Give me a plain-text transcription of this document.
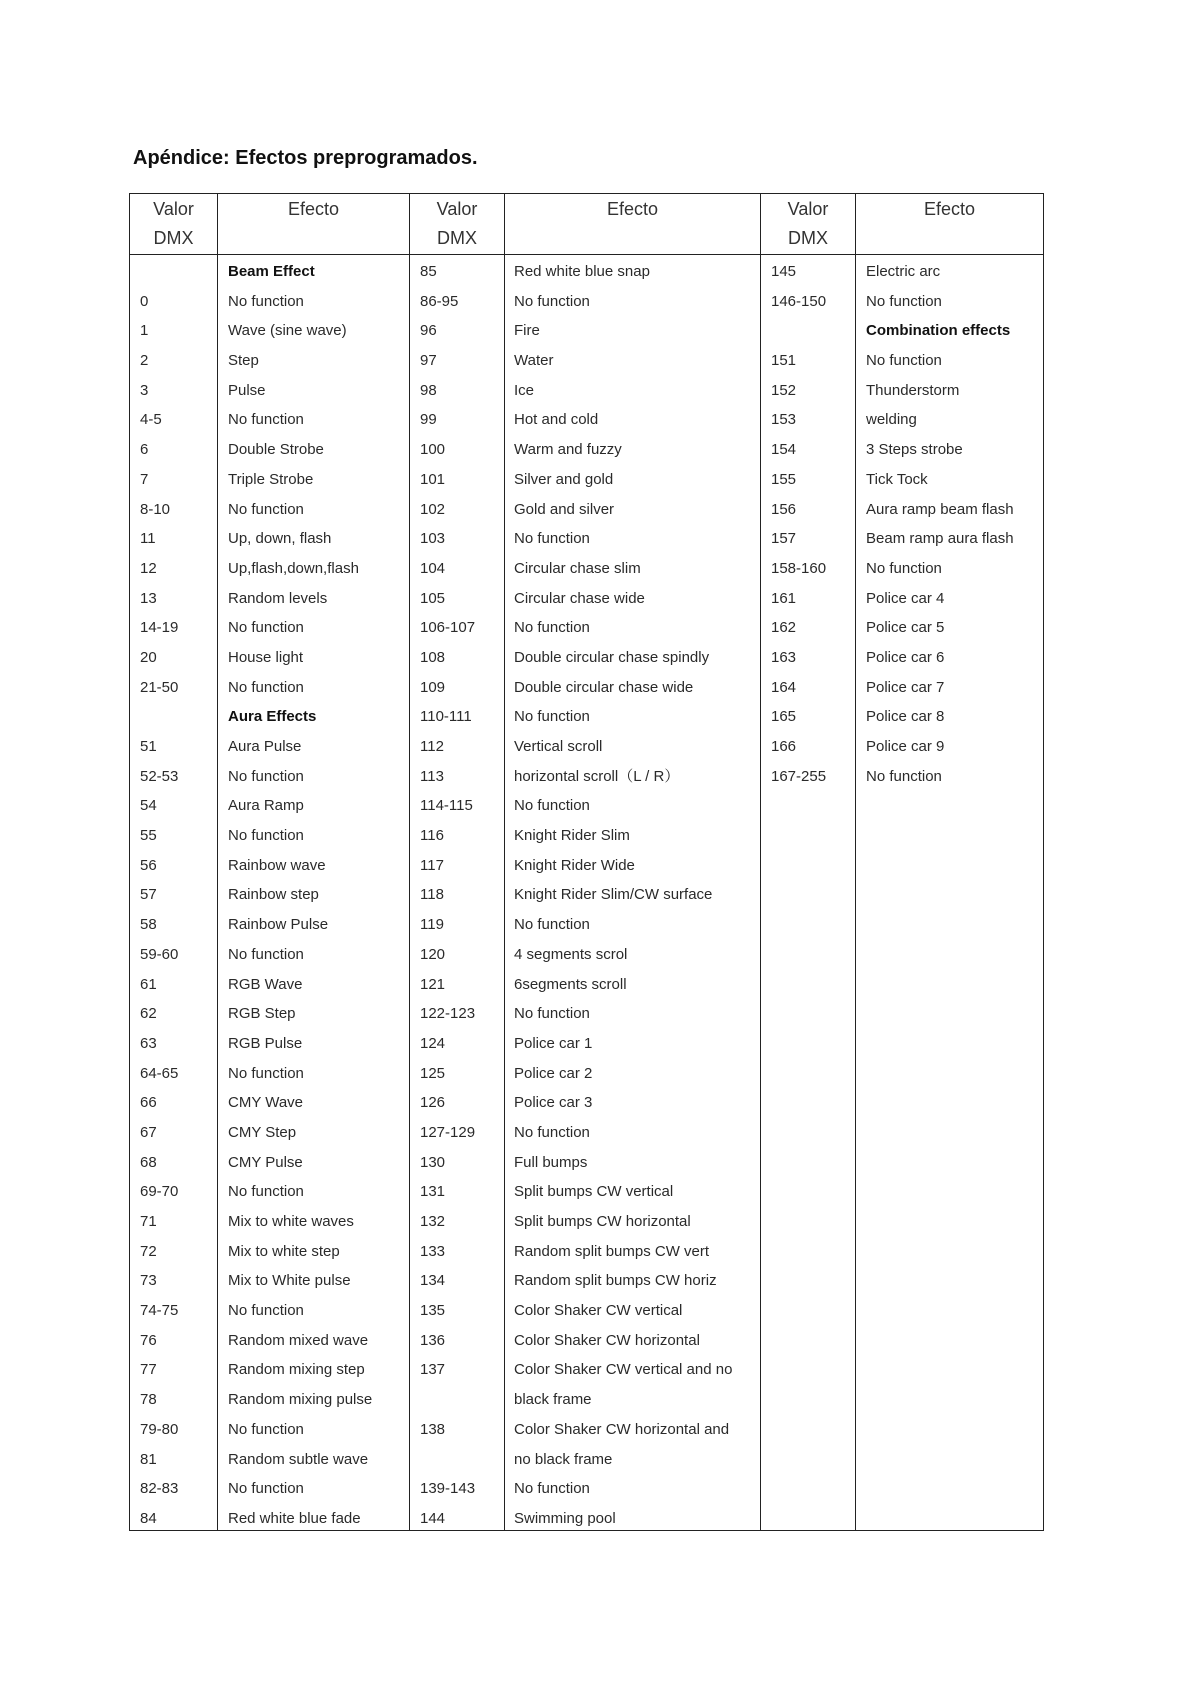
Apéndice: Efectos preprogramados.
Valor
DMX
Efecto	Valor
DMX
Efecto	Valor
DMX
Efecto
0
1
2
3
4-5
6
7
8-10
11
12
13
14-19
20
21-50
51
52-53
54
55
56
57
58
59-60
61
62
63
64-65
66
67
68
69-70
71
72
73
74-75
76
77
78
79-80
81
82-83
84
Beam Effect
No function
Wave (sine wave)
Step
Pulse
No function
Double Strobe
Triple Strobe
No function
Up, down, flash
Up,flash,down,flash
Random levels
No function
House light
No function
Aura Effects
Aura Pulse
No function
Aura Ramp
No function
Rainbow wave
Rainbow step
Rainbow Pulse
No function
RGB Wave
RGB Step
RGB Pulse
No function
CMY Wave
CMY Step
CMY Pulse
No function
Mix to white waves
Mix to white step
Mix to White pulse
No function
Random mixed wave
Random mixing step
Random mixing pulse
No function
Random subtle wave
No function
Red white blue fade
85
86-95
96
97
98
99
100
101
102
103
104
105
106-107
108
109
110-111
112
113
114-115
116
117
118
119
120
121
122-123
124
125
126
127-129
130
131
132
133
134
135
136
137
138
139-143
144
Red white blue snap
No function
Fire
Water
Ice
Hot and cold
Warm and fuzzy
Silver and gold
Gold and silver
No function
Circular chase slim
Circular chase wide
No function
Double circular chase spindly
Double circular chase wide
No function
Vertical scroll
horizontal scroll（L / R）
No function
Knight Rider Slim
Knight Rider Wide
Knight Rider Slim/CW surface
No function
4 segments scrol
6segments scroll
No function
Police car 1
Police car 2
Police car 3
No function
Full bumps
Split bumps CW vertical
Split bumps CW horizontal
Random split bumps CW vert
Random split bumps CW horiz
Color Shaker CW vertical
Color Shaker CW horizontal
Color Shaker CW vertical and no
black frame
Color Shaker CW horizontal and
no black frame
No function
Swimming pool
145
146-150
151
152
153
154
155
156
157
158-160
161
162
163
164
165
166
167-255
Electric arc
No function
Combination effects
No function
Thunderstorm
welding
3 Steps strobe
Tick Tock
Aura ramp beam flash
Beam ramp aura flash
No function
Police car 4
Police car 5
Police car 6
Police car 7
Police car 8
Police car 9
No function
